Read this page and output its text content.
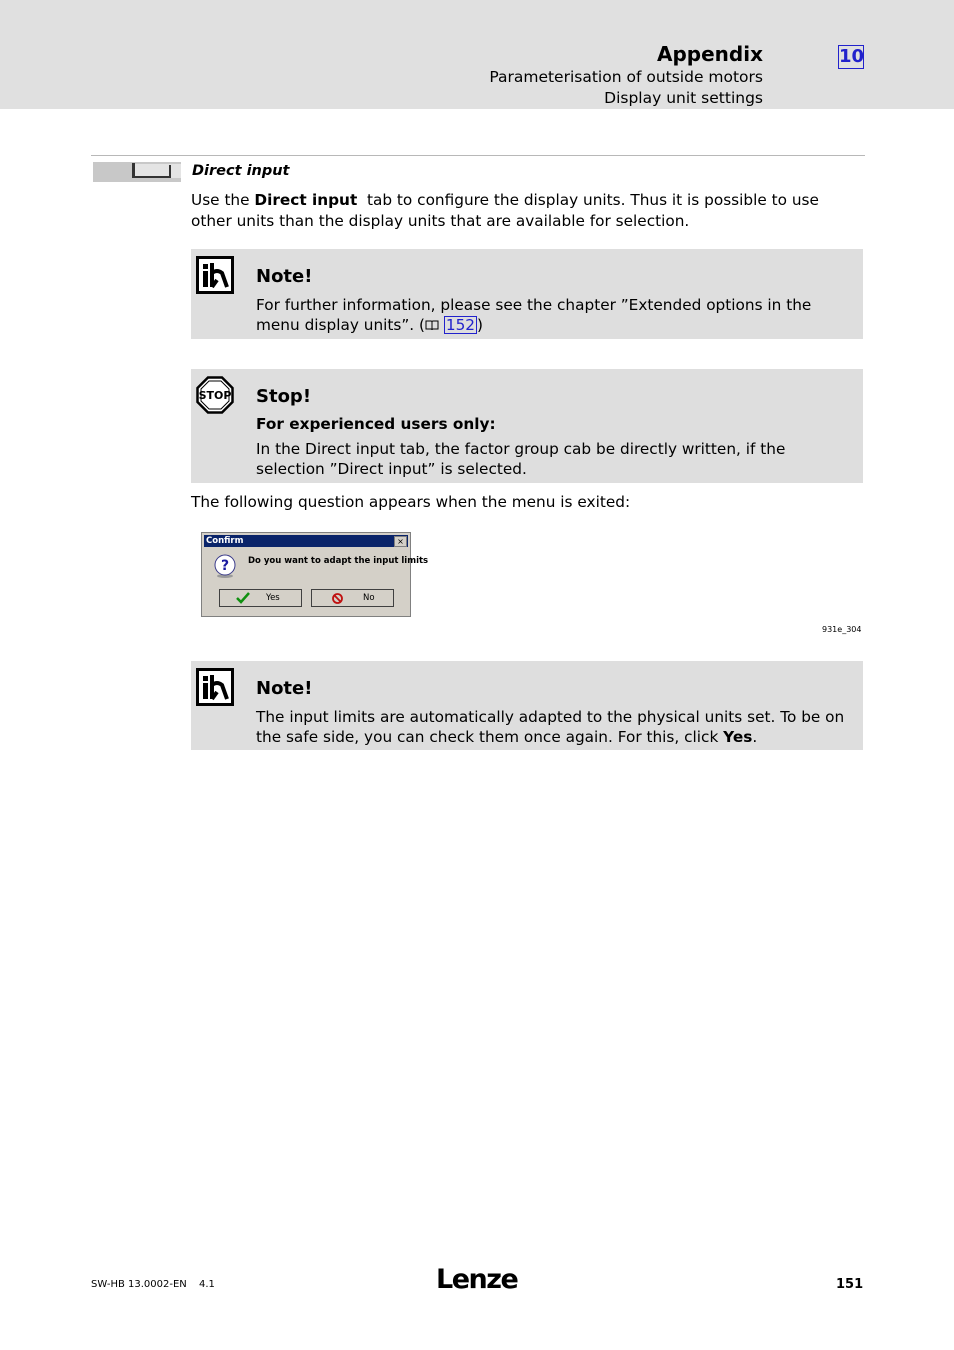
Appendix
Parameterisation of outside motors
Display unit settings
10
Direct input
Use the Direct input  tab to configure the display units. Thus it is possible to use other units than the display units that are available for selection.
Note!
For further information, please see the chapter ”Extended options in the menu display units”. ( 152 )
STOP Stop!
For experienced users only:
In the Direct input tab, the factor group cab be directly written, if the selection ”Direct input” is selected.
The following question appears when the menu is exited:
Confirm	×
? Do you want to adapt the input limits
Yes	No
931e_304
Note!
The input limits are automatically adapted to the physical units set. To be on the safe side, you can check them once again. For this, click Yes.
SW-HB 13.0002-EN 4.1	Lenze	151
